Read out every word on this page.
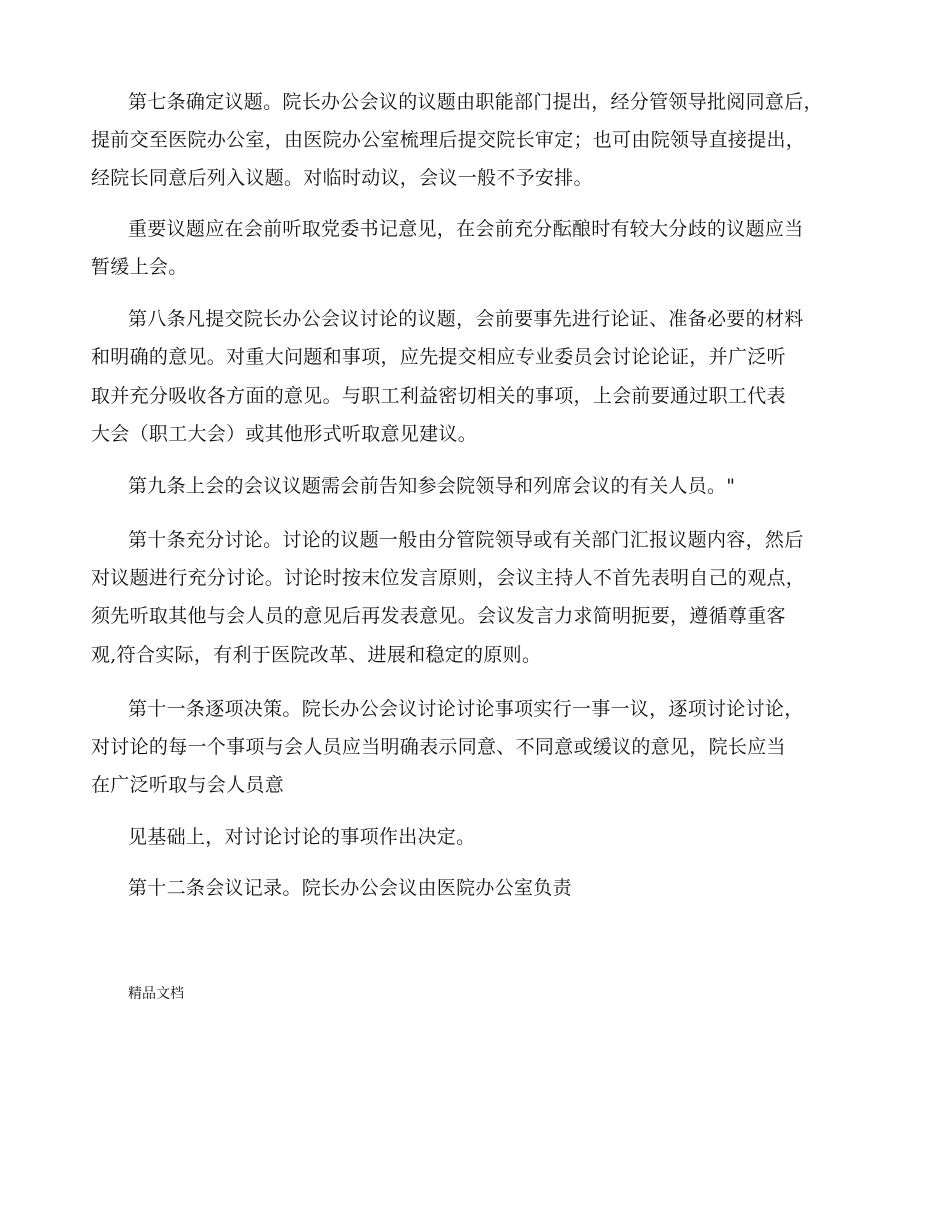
第七条确定议题。院长办公会议的议题由职能部门提出，经分管领导批阅同意后，
提前交至医院办公室，由医院办公室梳理后提交院长审定；也可由院领导直接提出，
经院长同意后列入议题。对临时动议，会议一般不予安排。
重要议题应在会前听取党委书记意见，在会前充分酝酿时有较大分歧的议题应当
暂缓上会。
第八条凡提交院长办公会议讨论的议题，会前要事先进行论证、准备必要的材料
和明确的意见。对重大问题和事项，应先提交相应专业委员会讨论论证，并广泛听
取并充分吸收各方面的意见。与职工利益密切相关的事项，上会前要通过职工代表
大会（职工大会）或其他形式听取意见建议。
第九条上会的会议议题需会前告知参会院领导和列席会议的有关人员。"
第十条充分讨论。讨论的议题一般由分管院领导或有关部门汇报议题内容，然后
对议题进行充分讨论。讨论时按末位发言原则，会议主持人不首先表明自己的观点，
须先听取其他与会人员的意见后再发表意见。会议发言力求简明扼要，遵循尊重客
观,符合实际，有利于医院改革、进展和稳定的原则。
第十一条逐项决策。院长办公会议讨论讨论事项实行一事一议，逐项讨论讨论，
对讨论的每一个事项与会人员应当明确表示同意、不同意或缓议的意见，院长应当
在广泛听取与会人员意
见基础上，对讨论讨论的事项作出决定。
第十二条会议记录。院长办公会议由医院办公室负责
精品文档
